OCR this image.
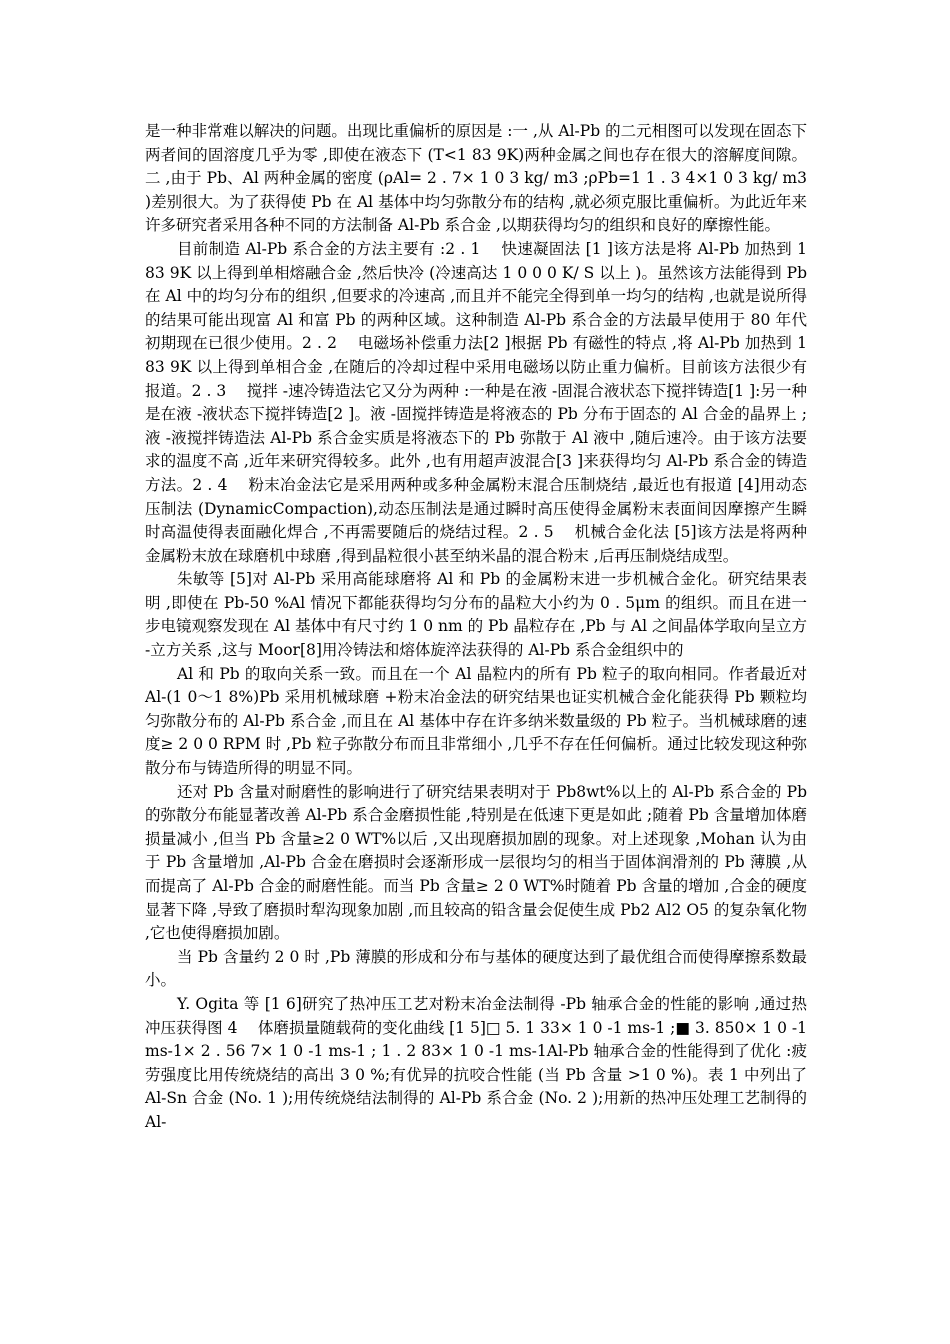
是一种非常难以解决的问题。出现比重偏析的原因是 :一 ,从 Al-Pb 的二元相图可以发现在固态下两者间的固溶度几乎为零 ,即使在液态下 (T<1 83 9K)两种金属之间也存在很大的溶解度间隙。二 ,由于 Pb、Al 两种金属的密度 (ρAl= 2 . 7× 1 0 3 kg/ m3 ;ρPb=1 1 . 3 4×1 0 3 kg/ m3 )差别很大。为了获得使 Pb 在 Al 基体中均匀弥散分布的结构 ,就必须克服比重偏析。为此近年来许多研究者采用各种不同的方法制备 Al-Pb 系合金 ,以期获得均匀的组织和良好的摩擦性能。

目前制造 Al-Pb 系合金的方法主要有 :2 . 1 　快速凝固法 [1 ]该方法是将 Al-Pb 加热到 1 83 9K 以上得到单相熔融合金 ,然后快冷 (冷速高达 1 0 0 0 K/ S 以上 )。虽然该方法能得到 Pb 在 Al 中的均匀分布的组织 ,但要求的冷速高 ,而且并不能完全得到单一均匀的结构 ,也就是说所得的结果可能出现富 Al 和富 Pb 的两种区域。这种制造 Al-Pb 系合金的方法最早使用于 80 年代初期现在已很少使用。2 . 2 　电磁场补偿重力法[2 ]根据 Pb 有磁性的特点 ,将 Al-Pb 加热到 1 83 9K 以上得到单相合金 ,在随后的冷却过程中采用电磁场以防止重力偏析。目前该方法很少有报道。2 . 3 　搅拌 -速冷铸造法它又分为两种 :一种是在液 -固混合液状态下搅拌铸造[1 ]:另一种是在液 -液状态下搅拌铸造[2 ]。液 -固搅拌铸造是将液态的 Pb 分布于固态的 Al 合金的晶界上 ;液 -液搅拌铸造法 Al-Pb 系合金实质是将液态下的 Pb 弥散于 Al 液中 ,随后速冷。由于该方法要求的温度不高 ,近年来研究得较多。此外 ,也有用超声波混合[3 ]来获得均匀 Al-Pb 系合金的铸造方法。2 . 4 　粉末冶金法它是采用两种或多种金属粉末混合压制烧结 ,最近也有报道 [4]用动态压制法 (DynamicCompaction),动态压制法是通过瞬时高压使得金属粉末表面间因摩擦产生瞬时高温使得表面融化焊合 ,不再需要随后的烧结过程。2 . 5 　机械合金化法 [5]该方法是将两种金属粉末放在球磨机中球磨 ,得到晶粒很小甚至纳米晶的混合粉末 ,后再压制烧结成型。

朱敏等 [5]对 Al-Pb 采用高能球磨将 Al 和 Pb 的金属粉末进一步机械合金化。研究结果表明 ,即使在 Pb-50 %Al 情况下都能获得均匀分布的晶粒大小约为 0 . 5μm 的组织。而且在进一步电镜观察发现在 Al 基体中有尺寸约 1 0 nm 的 Pb 晶粒存在 ,Pb 与 Al 之间晶体学取向呈立方 -立方关系 ,这与 Moor[8]用冷铸法和熔体旋淬法获得的 Al-Pb 系合金组织中的

Al 和 Pb 的取向关系一致。而且在一个 Al 晶粒内的所有 Pb 粒子的取向相同。作者最近对 Al-(1 0～1 8%)Pb 采用机械球磨 +粉末冶金法的研究结果也证实机械合金化能获得 Pb 颗粒均匀弥散分布的 Al-Pb 系合金 ,而且在 Al 基体中存在许多纳米数量级的 Pb 粒子。当机械球磨的速度≥ 2 0 0 RPM 时 ,Pb 粒子弥散分布而且非常细小 ,几乎不存在任何偏析。通过比较发现这种弥散分布与铸造所得的明显不同。

还对 Pb 含量对耐磨性的影响进行了研究结果表明对于 Pb8wt%以上的 Al-Pb 系合金的 Pb 的弥散分布能显著改善 Al-Pb 系合金磨损性能 ,特别是在低速下更是如此 ;随着 Pb 含量增加体磨损量减小 ,但当 Pb 含量≥2 0 WT%以后 ,又出现磨损加剧的现象。对上述现象 ,Mohan 认为由于 Pb 含量增加 ,Al-Pb 合金在磨损时会逐渐形成一层很均匀的相当于固体润滑剂的 Pb 薄膜 ,从而提高了 Al-Pb 合金的耐磨性能。而当 Pb 含量≥ 2 0 WT%时随着 Pb 含量的增加 ,合金的硬度显著下降 ,导致了磨损时犁沟现象加剧 ,而且较高的铅含量会促使生成 Pb2 Al2 O5 的复杂氧化物 ,它也使得磨损加剧。

当 Pb 含量约 2 0 时 ,Pb 薄膜的形成和分布与基体的硬度达到了最优组合而使得摩擦系数最小。

Y. Ogita 等 [1 6]研究了热冲压工艺对粉末冶金法制得 -Pb 轴承合金的性能的影响 ,通过热冲压获得图 4 　体磨损量随载荷的变化曲线 [1 5]□ 5. 1 33× 1 0 -1 ms-1 ;■ 3. 850× 1 0 -1 ms-1× 2 . 56 7× 1 0 -1 ms-1 ; 1 . 2 83× 1 0 -1 ms-1Al-Pb 轴承合金的性能得到了优化 :疲劳强度比用传统烧结的高出 3 0 %;有优异的抗咬合性能 (当 Pb 含量 >1 0 %)。表 1 中列出了 Al-Sn 合金 (No. 1 );用传统烧结法制得的 Al-Pb 系合金 (No. 2 );用新的热冲压处理工艺制得的 Al-
